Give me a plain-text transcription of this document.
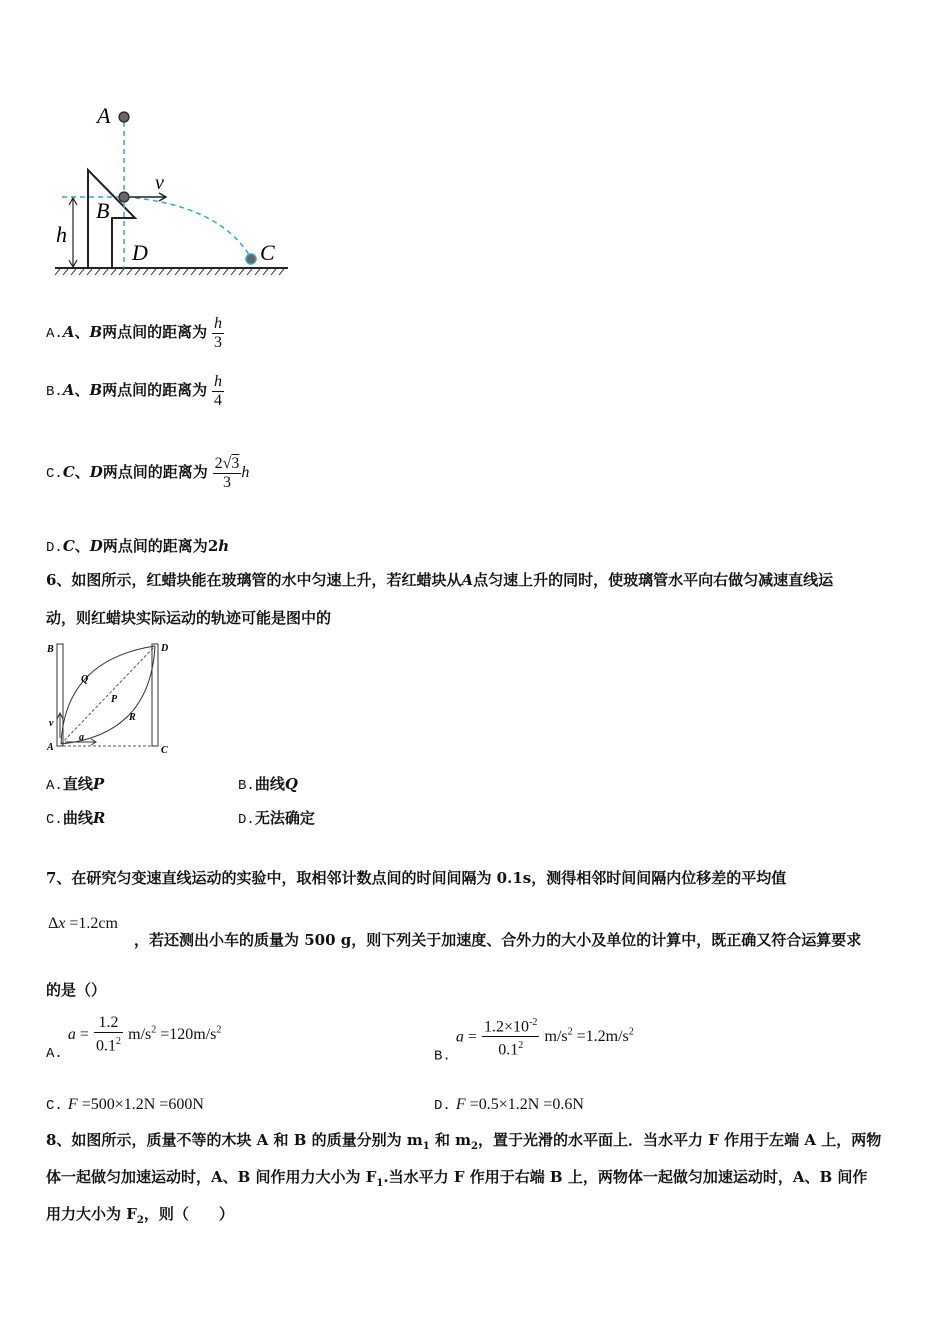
A
v
B
h
D	C
A.A、B两点间的距离为 $\frac{h}{3}$
B.A、B两点间的距离为 $\frac{h}{4}$
C.C、D两点间的距离为 $\frac{2√3}{3}$ h
D.C、D两点间的距离为2h
6、如图所示，红蜡块能在玻璃管的水中匀速上升，若红蜡块从A点匀速上升的同时，使玻璃管水平向右做匀减速直线运
动，则红蜡块实际运动的轨迹可能是图中的
B	D
Q
P
R
v
A
a
C
A.直线P	B.曲线Q
C.曲线R	D.无法确定
7、在研究匀变速直线运动的实验中，取相邻计数点间的时间间隔为 0.1s，测得相邻时间间隔内位移差的平均值
Δx =1.2cm
，若还测出小车的质量为 500 g，则下列关于加速度、合外力的大小及单位的计算中，既正确又符合运算要求
的是（）
A. $a = \frac{1.2}{0.1^2} m/s^2 =120m/s^2$
B. $a = \frac{1.2\times 10^{-2}}{0.1^2} m/s^2 =1.2m/s^2$
C. F =500×1.2N =600N	D. F =0.5×1.2N =0.6N
8、如图所示，质量不等的木块 A 和 B 的质量分别为 $m_1$ 和 $m_2$，置于光滑的水平面上．当水平力 F 作用于左端 A 上，两物
体一起做匀加速运动时，A、B 间作用力大小为 $F_1$.当水平力 F 作用于右端 B 上，两物体一起做匀加速运动时，A、B 间作
用力大小为 $F_2$，则（　　）
